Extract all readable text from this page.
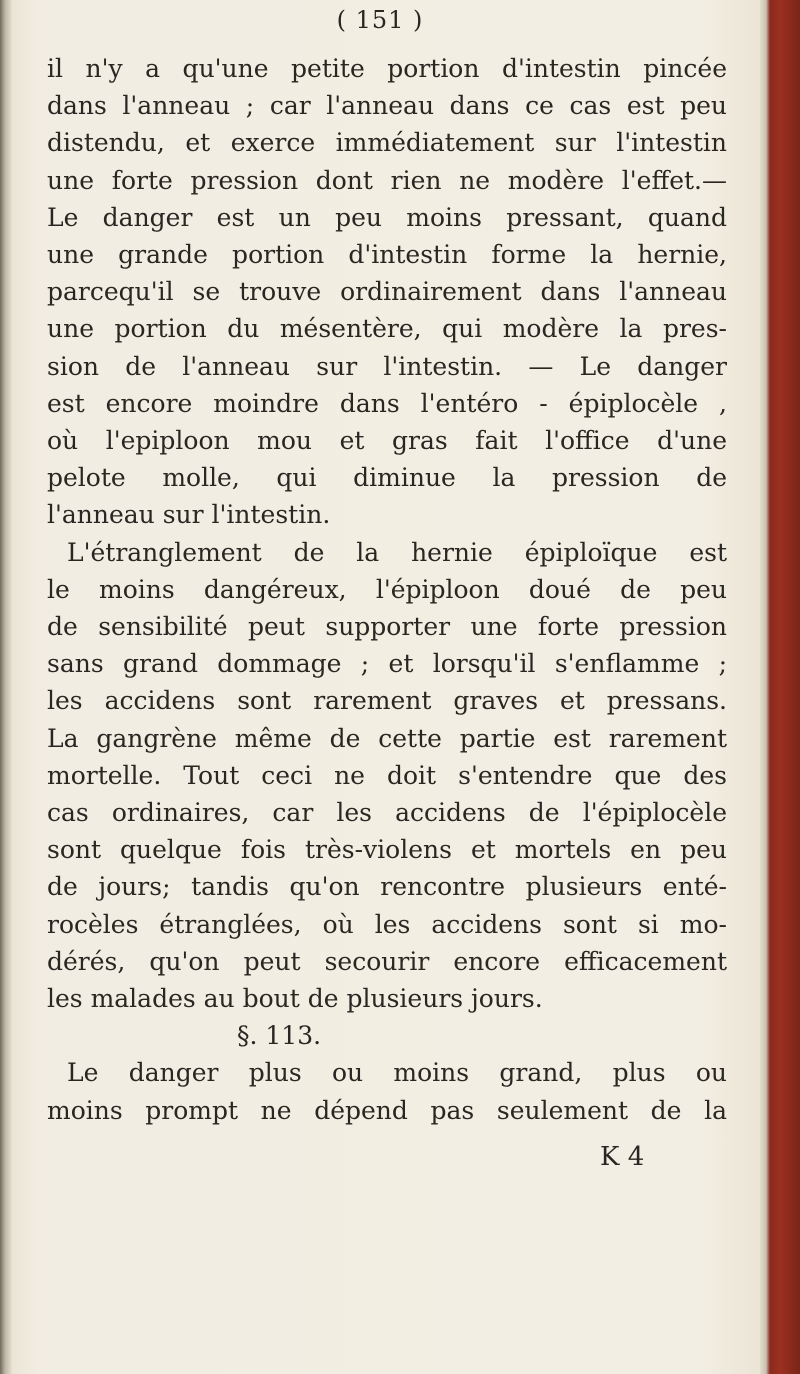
( 151 )
il n'y a qu'une petite portion d'intestin pincée
dans l'anneau ; car l'anneau dans ce cas est peu
distendu, et exerce immédiatement sur l'intestin
une forte pression dont rien ne modère l'effet.—
Le danger est un peu moins pressant, quand
une grande portion d'intestin forme la hernie,
parcequ'il se trouve ordinairement dans l'anneau
une portion du mésentère, qui modère la pres-
sion de l'anneau sur l'intestin. — Le danger
est encore moindre dans l'entéro - épiplocèle ,
où l'epiploon mou et gras fait l'office d'une
pelote molle, qui diminue la pression de
l'anneau sur l'intestin.
L'étranglement de la hernie épiploïque est
le moins dangéreux, l'épiploon doué de peu
de sensibilité peut supporter une forte pression
sans grand dommage ; et lorsqu'il s'enflamme ;
les accidens sont rarement graves et pressans.
La gangrène même de cette partie est rarement
mortelle. Tout ceci ne doit s'entendre que des
cas ordinaires, car les accidens de l'épiplocèle
sont quelque fois très-violens et mortels en peu
de jours; tandis qu'on rencontre plusieurs enté-
rocèles étranglées, où les accidens sont si mo-
dérés, qu'on peut secourir encore efficacement
les malades au bout de plusieurs jours.
§. 113.
Le danger plus ou moins grand, plus ou
moins prompt ne dépend pas seulement de la
K 4
